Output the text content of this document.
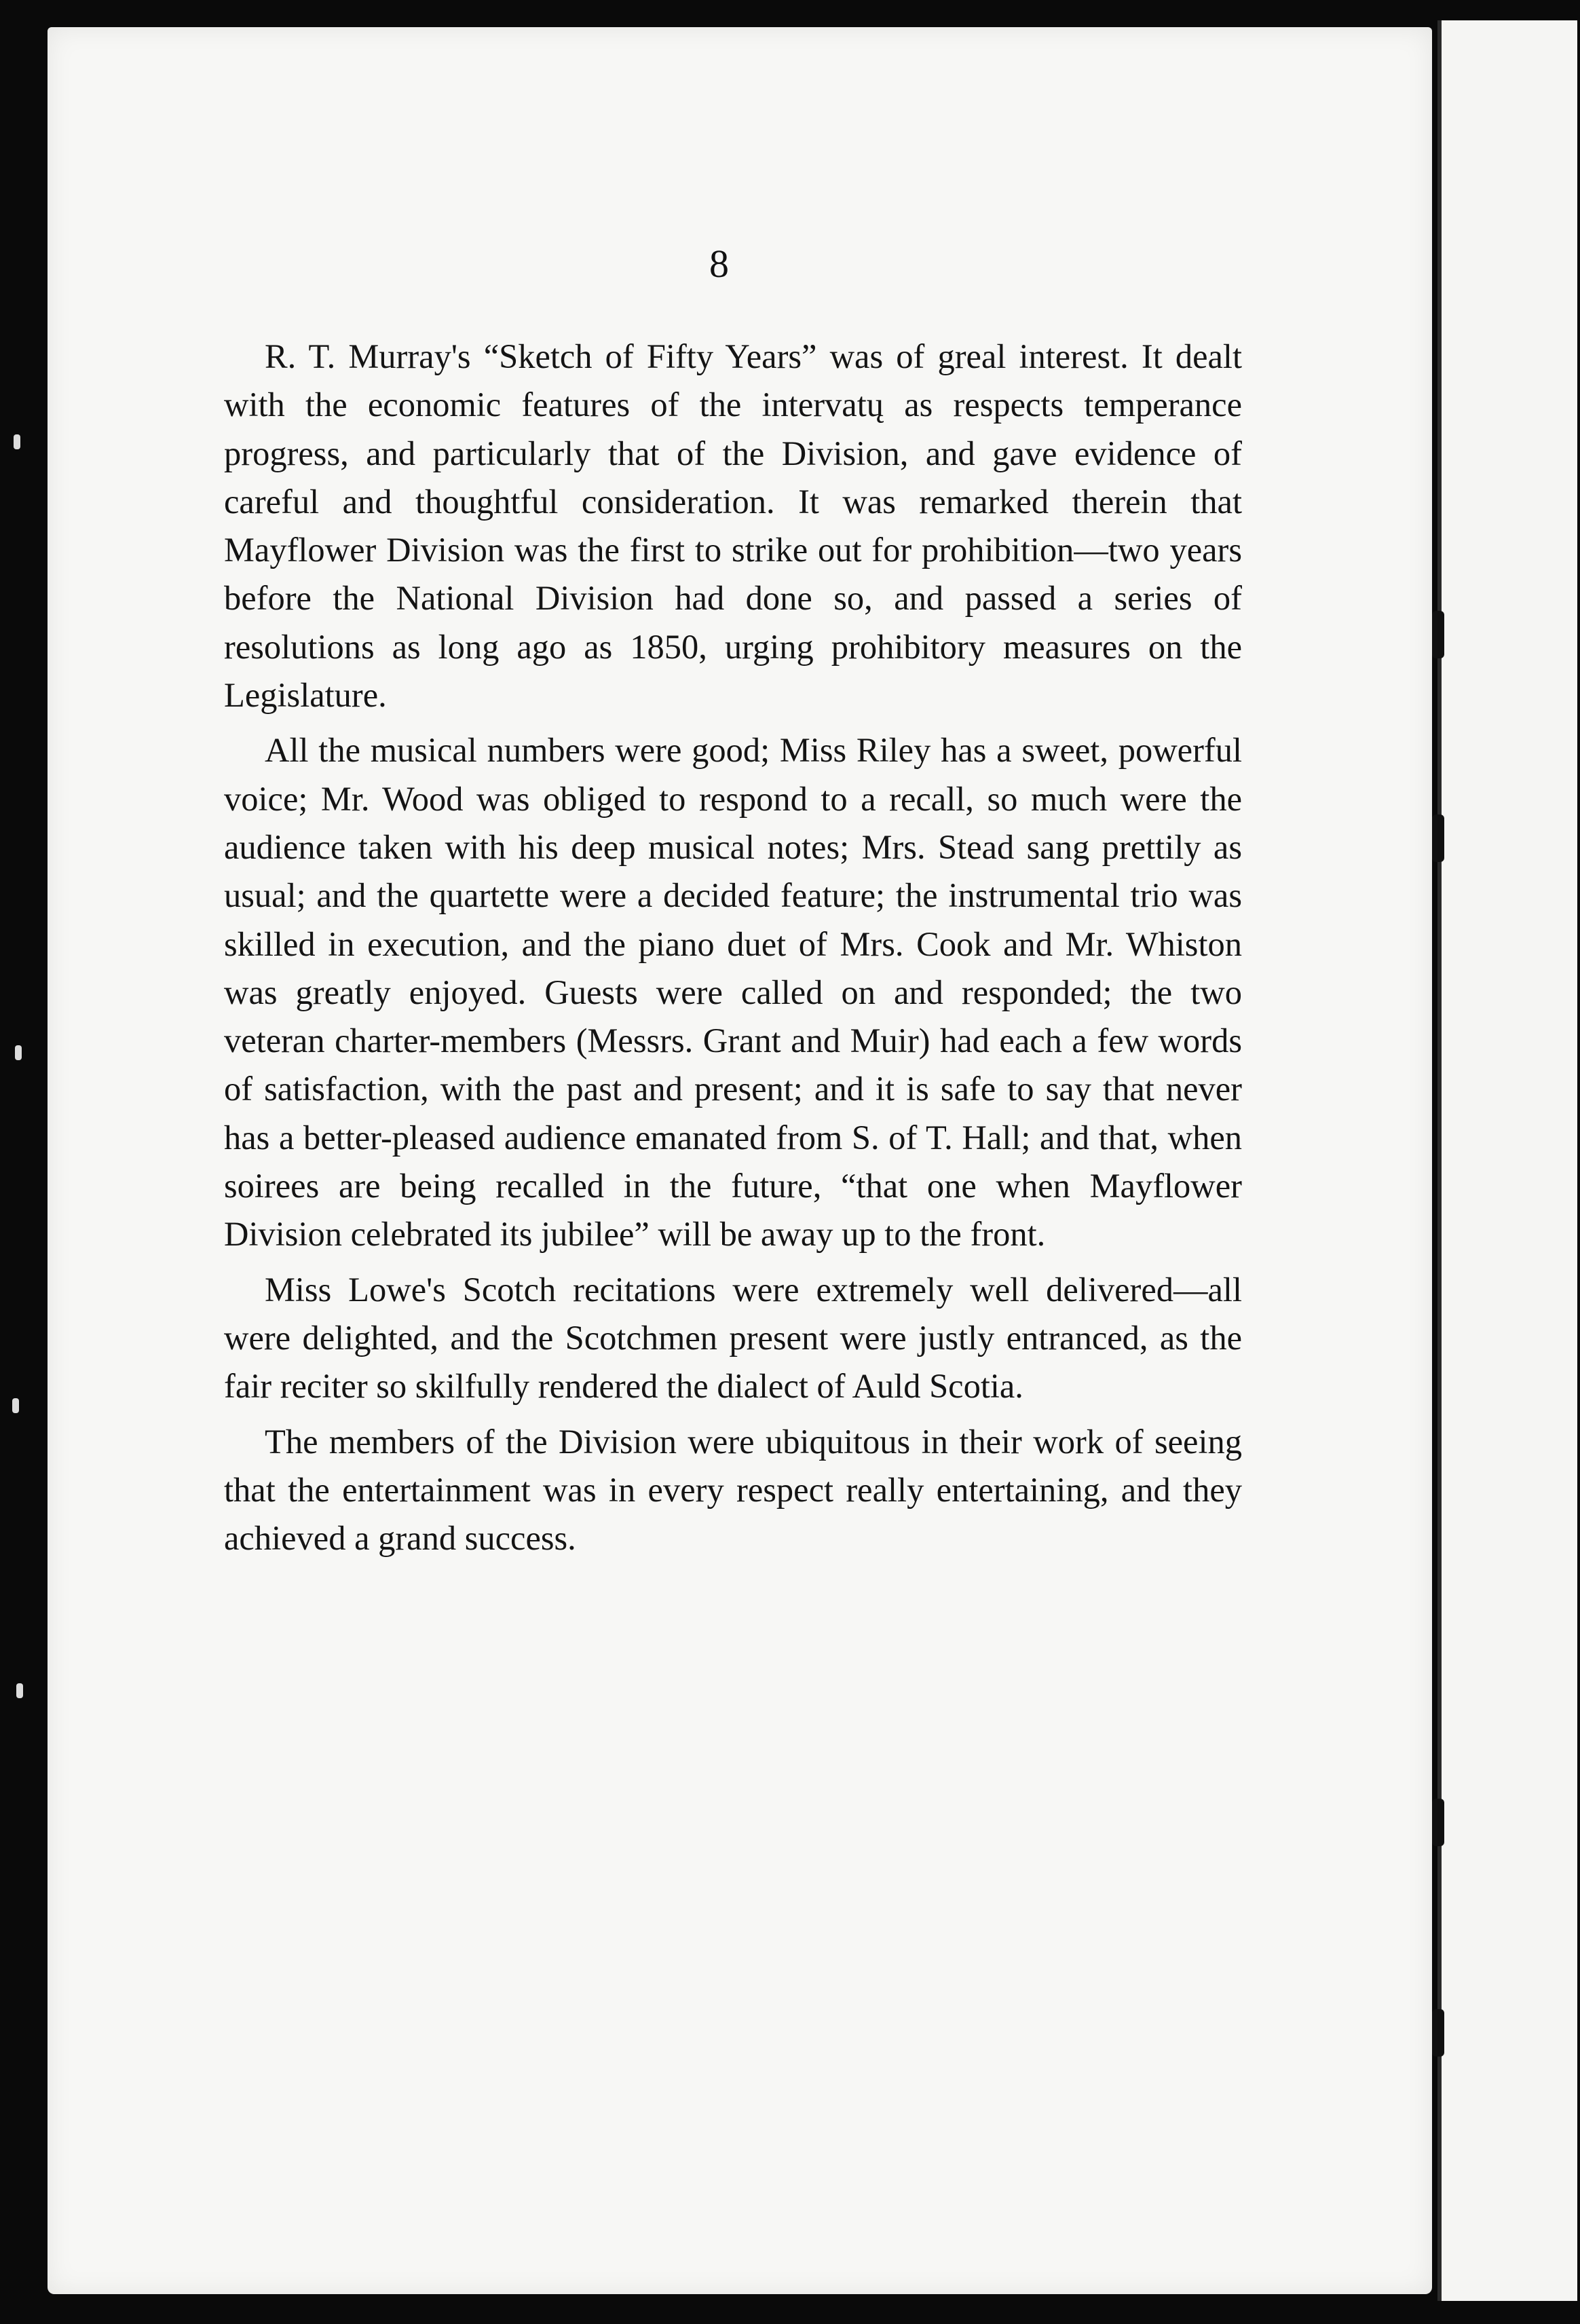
8

R. T. Murray's “Sketch of Fifty Years” was of greal interest. It dealt with the economic features of the intervatų as respects temperance progress, and particularly that of the Division, and gave evidence of careful and thoughtful consideration. It was remarked therein that Mayflower Division was the first to strike out for prohibition—two years before the National Division had done so, and passed a series of resolutions as long ago as 1850, urging prohibitory measures on the Legislature.

All the musical numbers were good; Miss Riley has a sweet, powerful voice; Mr. Wood was obliged to respond to a recall, so much were the audience taken with his deep musical notes; Mrs. Stead sang prettily as usual; and the quartette were a decided feature; the instrumental trio was skilled in execution, and the piano duet of Mrs. Cook and Mr. Whiston was greatly enjoyed. Guests were called on and responded; the two veteran charter-members (Messrs. Grant and Muir) had each a few words of satisfaction, with the past and present; and it is safe to say that never has a better-pleased audience emanated from S. of T. Hall; and that, when soirees are being recalled in the future, “that one when Mayflower Division celebrated its jubilee” will be away up to the front.

Miss Lowe's Scotch recitations were extremely well delivered—all were delighted, and the Scotchmen present were justly entranced, as the fair reciter so skilfully rendered the dialect of Auld Scotia.

The members of the Division were ubiquitous in their work of seeing that the entertainment was in every respect really entertaining, and they achieved a grand success.
